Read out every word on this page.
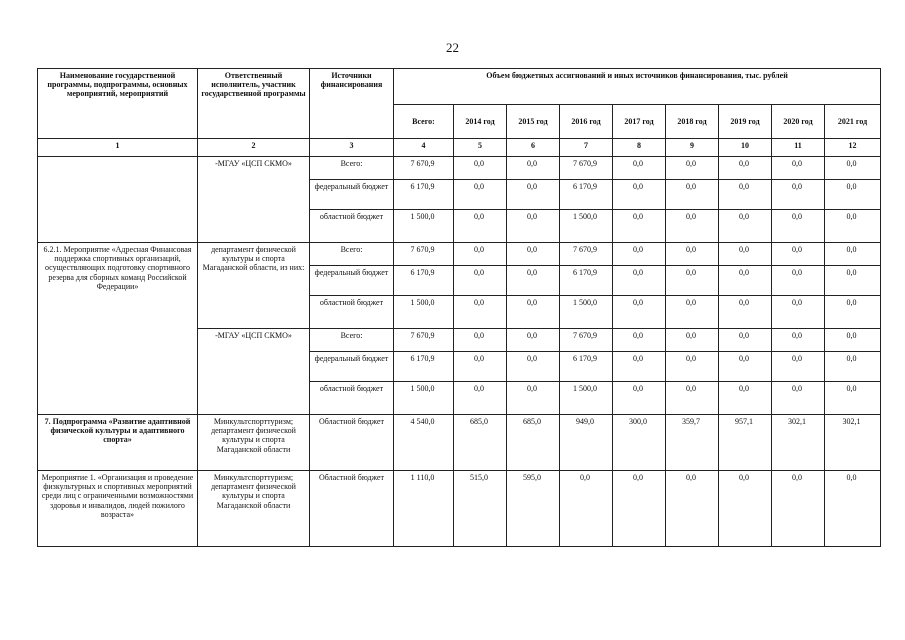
22
Наименование государственной программы, подпрограммы, основных мероприятий, мероприятий	Ответственный исполнитель, участник государственной программы	Источники финансирования	Объем бюджетных ассигнований и иных источников финансирования, тыс. рублей								
			Всего:	2014 год	2015 год	2016 год	2017 год	2018 год	2019 год	2020 год	2021 год
1	2	3	4	5	6	7	8	9	10	11	12
	-МГАУ «ЦСП СКМО»	Всего:	7 670,9	0,0	0,0	7 670,9	0,0	0,0	0,0	0,0	0,0
		федеральный бюджет	6 170,9	0,0	0,0	6 170,9	0,0	0,0	0,0	0,0	0,0
		областной бюджет	1 500,0	0,0	0,0	1 500,0	0,0	0,0	0,0	0,0	0,0
6.2.1. Мероприятие «Адресная Финансовая поддержка спортивных организаций, осуществляющих подготовку спортивного резерва для сборных команд Российской Федерации»	департамент физической культуры и спорта Магаданской области, из них:	Всего:	7 670,9	0,0	0,0	7 670,9	0,0	0,0	0,0	0,0	0,0
		федеральный бюджет	6 170,9	0,0	0,0	6 170,9	0,0	0,0	0,0	0,0	0,0
		областной бюджет	1 500,0	0,0	0,0	1 500,0	0,0	0,0	0,0	0,0	0,0
	-МГАУ «ЦСП СКМО»	Всего:	7 670,9	0,0	0,0	7 670,9	0,0	0,0	0,0	0,0	0,0
		федеральный бюджет	6 170,9	0,0	0,0	6 170,9	0,0	0,0	0,0	0,0	0,0
		областной бюджет	1 500,0	0,0	0,0	1 500,0	0,0	0,0	0,0	0,0	0,0
7. Подпрограмма «Развитие адаптивной физической культуры и адаптивного спорта»	Минкультспорттуризм; департамент физической культуры и спорта Магаданской области	Областной бюджет	4 540,0	685,0	685,0	949,0	300,0	359,7	957,1	302,1	302,1
Мероприятие 1. «Организация и проведение физкультурных и спортивных мероприятий среди лиц с ограниченными возможностями здоровья и инвалидов, людей пожилого возраста»	Минкультспорттуризм; департамент физической культуры и спорта Магаданской области	Областной бюджет	1 110,0	515,0	595,0	0,0	0,0	0,0	0,0	0,0	0,0
